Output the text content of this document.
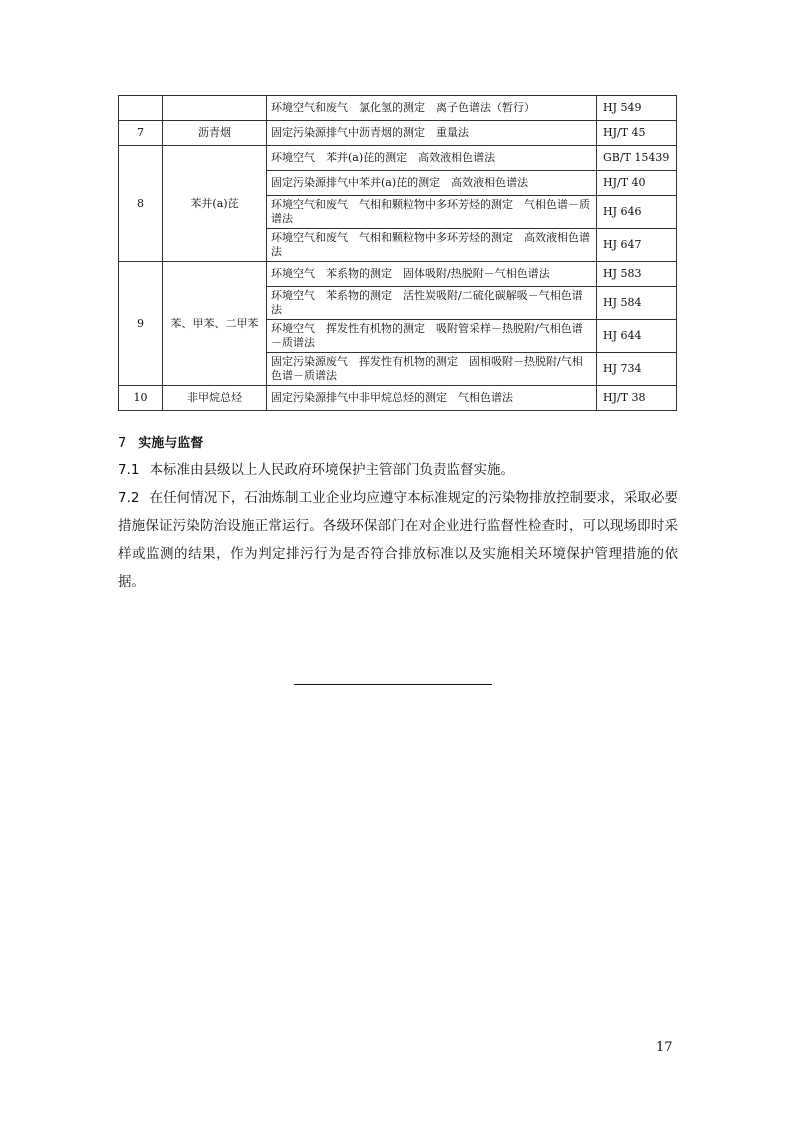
		环境空气和废气　氯化氢的测定　离子色谱法（暂行）	HJ 549
7	沥青烟	固定污染源排气中沥青烟的测定　重量法	HJ/T 45
8	苯并(a)芘	环境空气　苯并(a)芘的测定　高效液相色谱法	GB/T 15439
		固定污染源排气中苯并(a)芘的测定　高效液相色谱法	HJ/T 40
		环境空气和废气　气相和颗粒物中多环芳烃的测定　气相色谱－质谱法	HJ 646
		环境空气和废气　气相和颗粒物中多环芳烃的测定　高效液相色谱法	HJ 647
9	苯、甲苯、二甲苯	环境空气　苯系物的测定　固体吸附/热脱附－气相色谱法	HJ 583
		环境空气　苯系物的测定　活性炭吸附/二硫化碳解吸－气相色谱法	HJ 584
		环境空气　挥发性有机物的测定　吸附管采样－热脱附/气相色谱－质谱法	HJ 644
		固定污染源废气　挥发性有机物的测定　固相吸附－热脱附/气相色谱－质谱法	HJ 734
10	非甲烷总烃	固定污染源排气中非甲烷总烃的测定　气相色谱法	HJ/T 38
7 实施与监督
7.1 本标准由县级以上人民政府环境保护主管部门负责监督实施。
7.2 在任何情况下，石油炼制工业企业均应遵守本标准规定的污染物排放控制要求，采取必要措施保证污染防治设施正常运行。各级环保部门在对企业进行监督性检查时，可以现场即时采样或监测的结果，作为判定排污行为是否符合排放标准以及实施相关环境保护管理措施的依据。
17
